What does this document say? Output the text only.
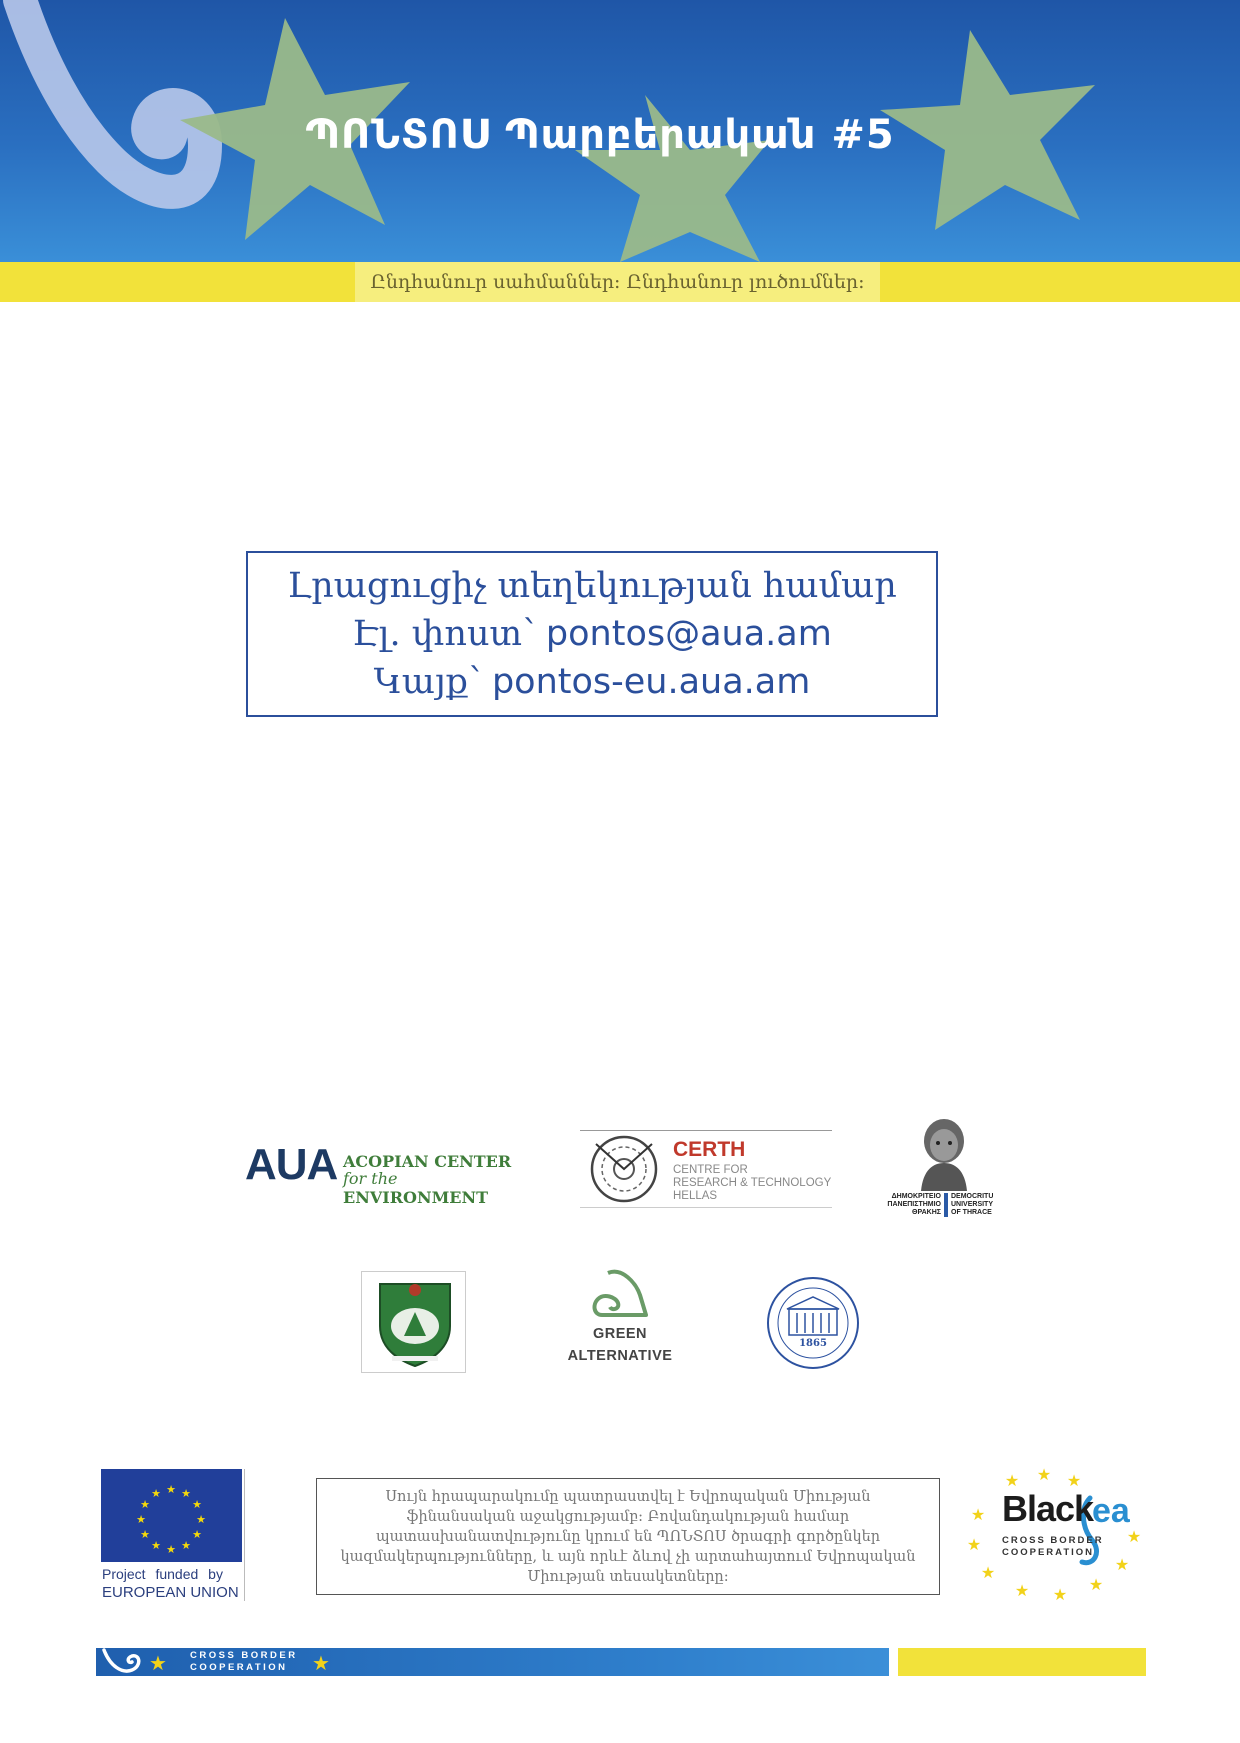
ՊՈՆՏՈՍ Պարբերական #5
Ընդհանուր սահմաններ: Ընդհանուր լուծումներ:
Լրացուցիչ տեղեկության համար
Էլ. փոստ՝ pontos@aua.am
Կայք՝ pontos-eu.aua.am
AUA ACOPIAN CENTER
for the ENVIRONMENT
CERTH
CENTRE FOR
RESEARCH & TECHNOLOGY
HELLAS	ΔΗΜΟΚΡΙΤΕΙΟ
ΠΑΝΕΠΙΣΤΗΜΙΟ
ΘΡΑΚΗΣ
DEMOCRITU
UNIVERSITY
OF THRACE
GREEN
ALTERNATIVE
1865
★ ★
★
★
★
★
★
★
★
★
★
★
Project funded by
EUROPEAN UNION
Սույն հրապարակումը պատրաստվել է Եվրոպական Միության ֆինանսական աջակցությամբ: Բովանդակության համար պատասխանատվությունը կրում են ՊՈՆՏՈՍ ծրագրի գործընկեր կազմակերպությունները, և այն որևէ ձևով չի արտահայտում Եվրոպական Միության տեսակետները:
★ ★ ★
★
★
★
★ ★
★
★
★
Black
ea
CROSS BORDER
COOPERATION
★	★
CROSS BORDER
COOPERATION
